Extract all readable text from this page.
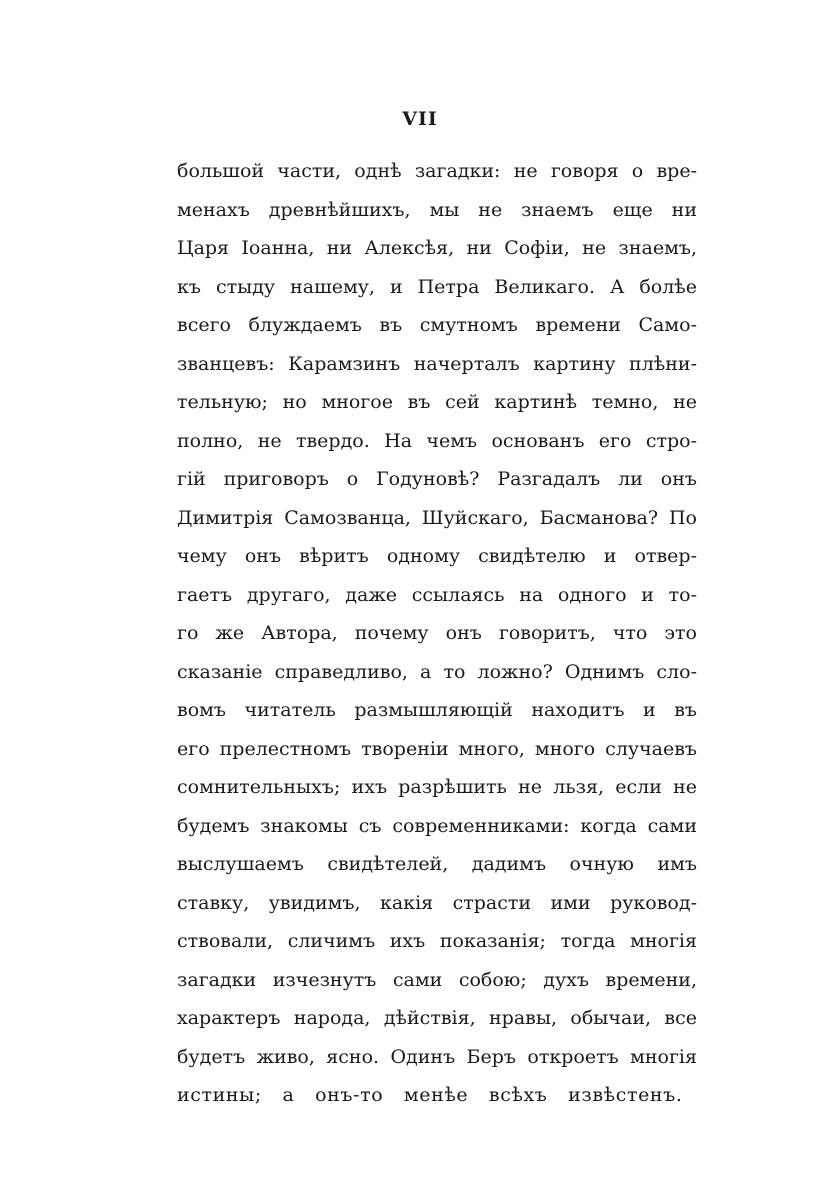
VII
большой части, однѣ загадки: не говоря о вре-
менахъ древнѣйшихъ, мы не знаемъ еще ни
Царя Іоанна, ни Алексѣя, ни Софіи, не знаемъ,
къ стыду нашему, и Петра Великаго. А болѣе
всего блуждаемъ въ смутномъ времени Само-
званцевъ: Карамзинъ начерталъ картину плѣни-
тельную; но многое въ сей картинѣ темно, не
полно, не твердо. На чемъ основанъ его стро-
гій приговоръ о Годуновѣ? Разгадалъ ли онъ
Димитрія Самозванца, Шуйскаго, Басманова? По
чему онъ вѣритъ одному свидѣтелю и отвер-
гаетъ другаго, даже ссылаясь на одного и то-
го же Автора, почему онъ говоритъ, что это
сказаніе справедливо, а то ложно? Однимъ сло-
вомъ читатель размышляющій находитъ и въ
его прелестномъ твореніи много, много случаевъ
сомнительныхъ; ихъ разрѣшить не льзя, если не
будемъ знакомы съ современниками: когда сами
выслушаемъ свидѣтелей, дадимъ очную имъ
ставку, увидимъ, какія страсти ими руковод-
ствовали, сличимъ ихъ показанія; тогда многія
загадки изчезнутъ сами собою; духъ времени,
характеръ народа, дѣйствія, нравы, обычаи, все
будетъ живо, ясно. Одинъ Беръ откроетъ многія
истины; а онъ-то менѣе всѣхъ извѣстенъ.
